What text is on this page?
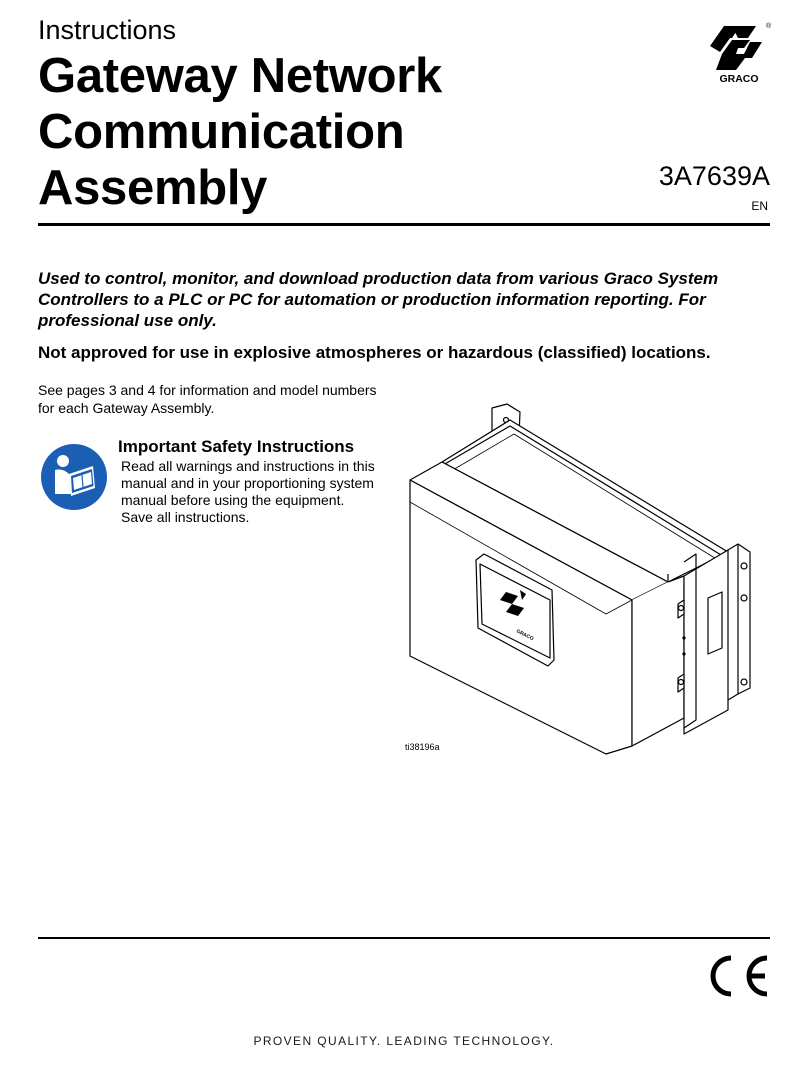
Instructions
Gateway Network
Communication
Assembly
®
GRACO
3A7639A
EN
Used to control, monitor, and download production data from various Graco System Controllers to a PLC or PC for automation or production information reporting. For professional use only.
Not approved for use in explosive atmospheres or hazardous (classified) locations.
See pages 3 and 4 for information and model numbers for each Gateway Assembly.
Important Safety Instructions
Read all warnings and instructions in this
manual and in your proportioning system
manual before using the equipment.
Save all instructions.
GRACO
ti38196a
PROVEN QUALITY. LEADING TECHNOLOGY.
